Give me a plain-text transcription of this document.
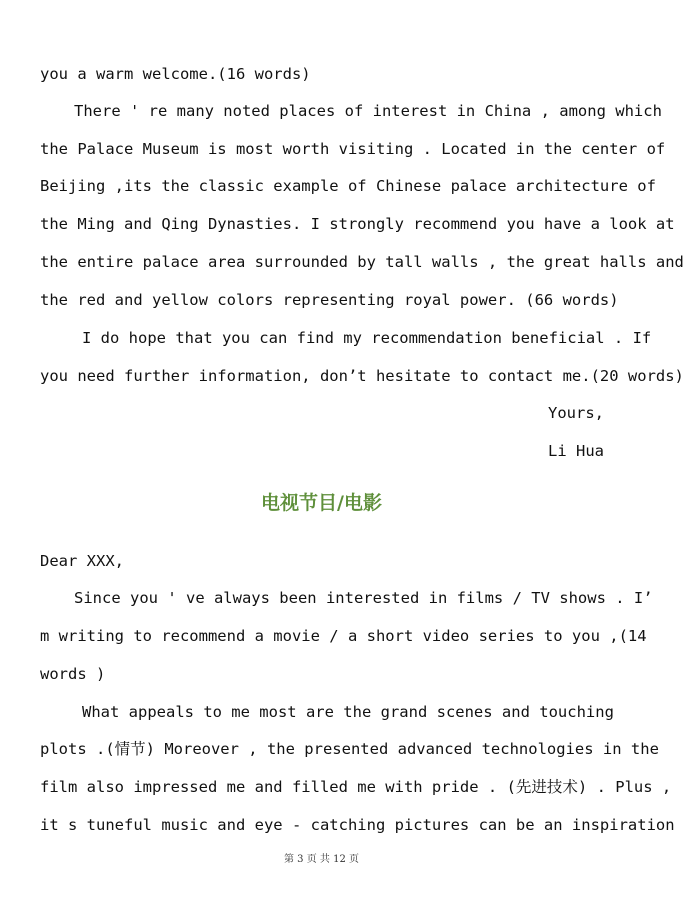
you a warm welcome.(16 words)
There ' re many noted places of interest in China , among which
the Palace Museum is most worth visiting . Located in the center of
Beijing ,its the classic example of Chinese palace architecture of
the Ming and Qing Dynasties. I strongly recommend you have a look at
the entire palace area surrounded by tall walls , the great halls and
the red and yellow colors representing royal power. (66 words)
I do hope that you can find my recommendation beneficial . If
you need further information, don’t hesitate to contact me.(20 words)
Yours,
Li Hua
电视节目/电影
Dear XXX,
Since you ' ve always been interested in films / TV shows . I’
m writing to recommend a movie / a short video series to you ,(14
words )
What appeals to me most are the grand scenes and touching
plots .(情节) Moreover , the presented advanced technologies in the
film also impressed me and filled me with pride . (先进技术) . Plus ,
it s tuneful music and eye - catching pictures can be an inspiration
第 3 页 共 12 页
